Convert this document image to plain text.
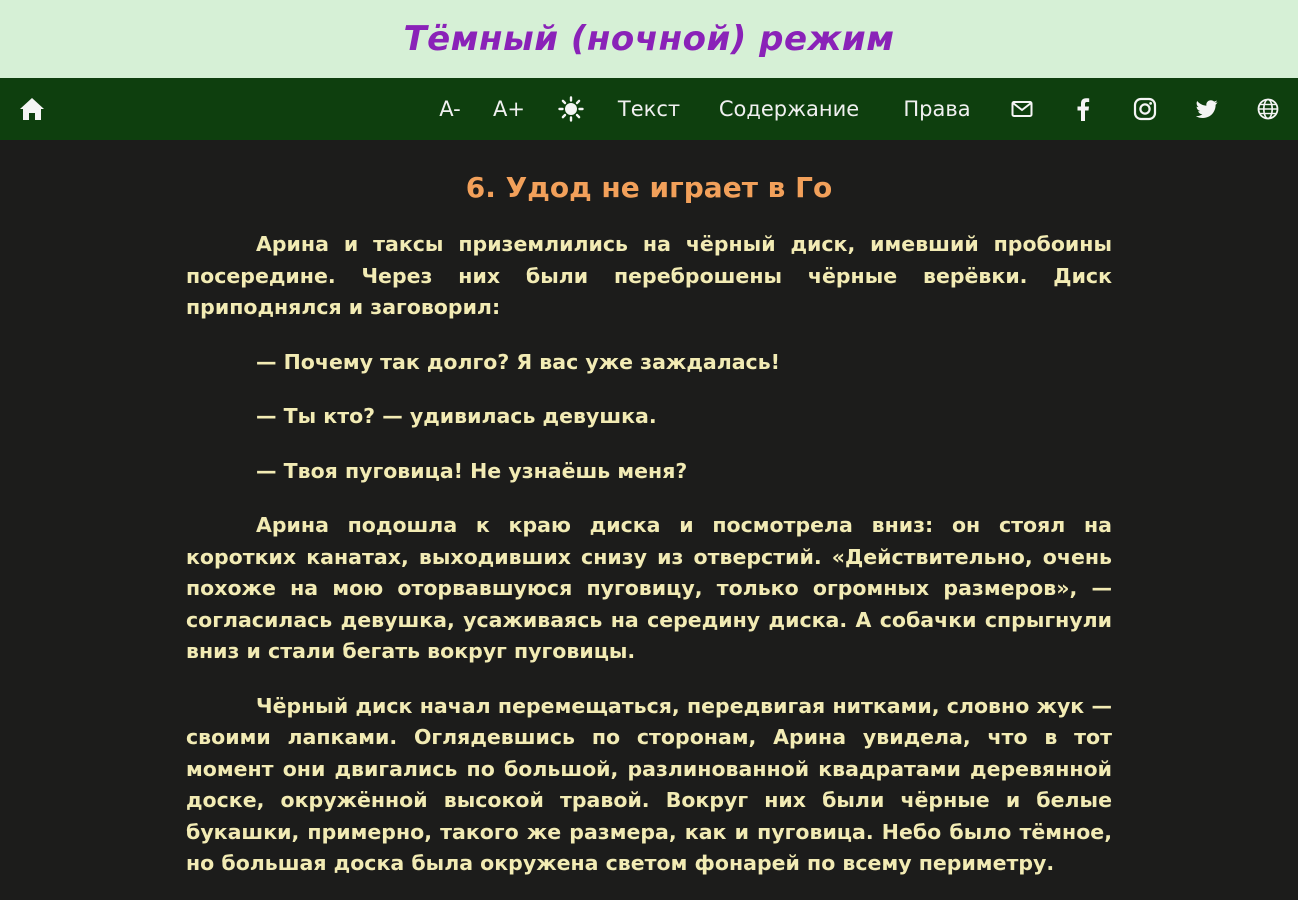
Тёмный (ночной) режим
A-	A+	Текст	Содержание	Права
6. Удод не играет в Го

Арина и таксы приземлились на чёрный диск, имевший пробоины посередине. Через них были переброшены чёрные верёвки. Диск приподнялся и заговорил:

— Почему так долго? Я вас уже заждалась!

— Ты кто? — удивилась девушка.

— Твоя пуговица! Не узнаёшь меня?

Арина подошла к краю диска и посмотрела вниз: он стоял на коротких канатах, выходивших снизу из отверстий. «Действительно, очень похоже на мою оторвавшуюся пуговицу, только огромных размеров», — согласилась девушка, усаживаясь на середину диска. А собачки спрыгнули вниз и стали бегать вокруг пуговицы.

Чёрный диск начал перемещаться, передвигая нитками, словно жук — своими лапками. Оглядевшись по сторонам, Арина увидела, что в тот момент они двигались по большой, разлинованной квадратами деревянной доске, окружённой высокой травой. Вокруг них были чёрные и белые букашки, примерно, такого же размера, как и пуговица. Небо было тёмное, но большая доска была окружена светом фонарей по всему периметру.
